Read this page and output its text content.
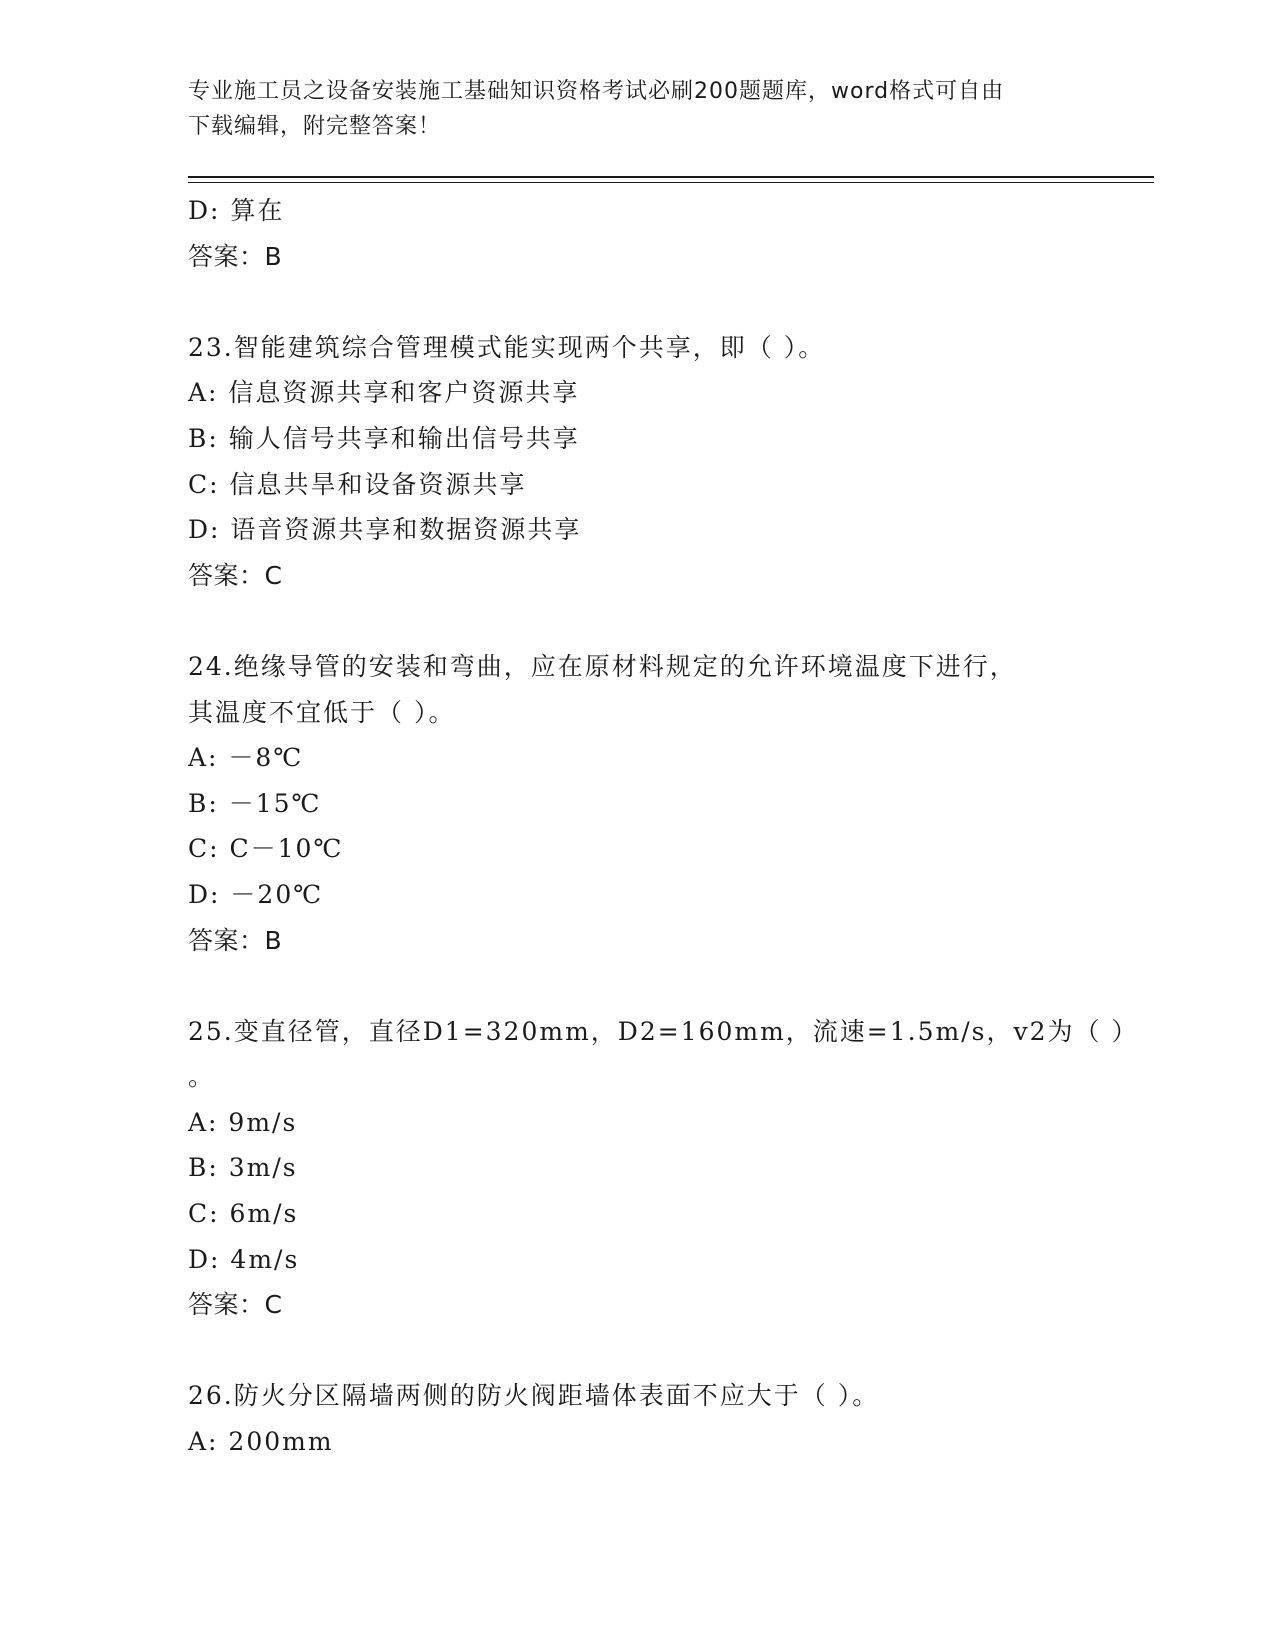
专业施工员之设备安装施工基础知识资格考试必刷200题题库，word格式可自由
下载编辑，附完整答案！
D: 算在
答案：B
23.智能建筑综合管理模式能实现两个共享，即（ ）。
A: 信息资源共享和客户资源共享
B: 输人信号共享和输出信号共享
C: 信息共旱和设备资源共享
D: 语音资源共享和数据资源共享
答案：C
24.绝缘导管的安装和弯曲，应在原材料规定的允许环境温度下进行，
其温度不宜低于（ ）。
A: －8℃
B: －15℃
C: C－10℃
D: －20℃
答案：B
25.变直径管，直径D1=320mm，D2=160mm，流速=1.5m/s，v2为（ ）
。
A: 9m/s
B: 3m/s
C: 6m/s
D: 4m/s
答案：C
26.防火分区隔墙两侧的防火阀距墙体表面不应大于（ ）。
A: 200mm
